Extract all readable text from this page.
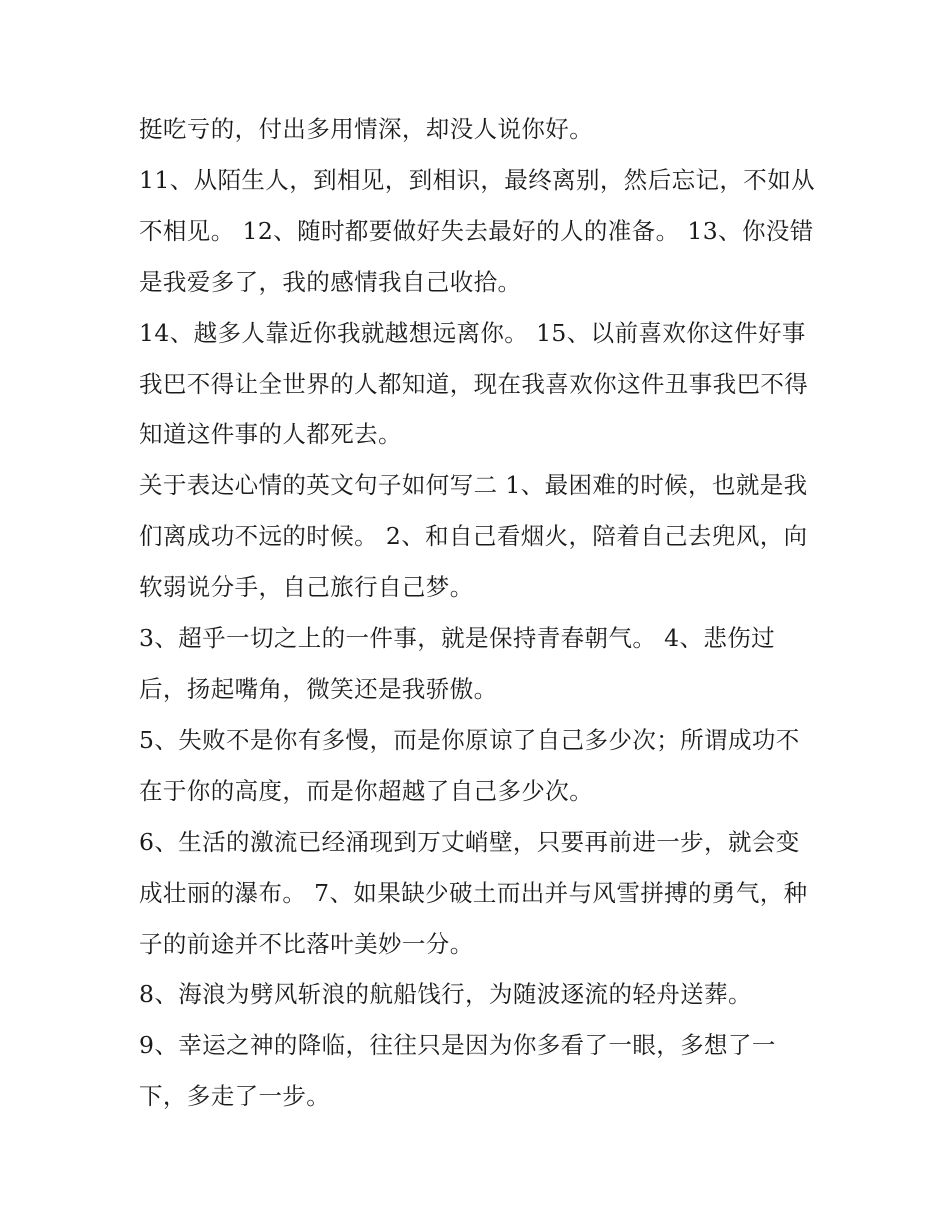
挺吃亏的，付出多用情深，却没人说你好。

11、从陌生人，到相见，到相识，最终离别，然后忘记，不如从不相见。 12、随时都要做好失去最好的人的准备。 13、你没错是我爱多了，我的感情我自己收拾。

14、越多人靠近你我就越想远离你。 15、以前喜欢你这件好事我巴不得让全世界的人都知道，现在我喜欢你这件丑事我巴不得知道这件事的人都死去。

关于表达心情的英文句子如何写二 1、最困难的时候，也就是我们离成功不远的时候。 2、和自己看烟火，陪着自己去兜风，向软弱说分手，自己旅行自己梦。

3、超乎一切之上的一件事，就是保持青春朝气。 4、悲伤过后，扬起嘴角，微笑还是我骄傲。

5、失败不是你有多慢，而是你原谅了自己多少次；所谓成功不在于你的高度，而是你超越了自己多少次。

6、生活的激流已经涌现到万丈峭壁，只要再前进一步，就会变成壮丽的瀑布。 7、如果缺少破土而出并与风雪拼搏的勇气，种子的前途并不比落叶美妙一分。

8、海浪为劈风斩浪的航船饯行，为随波逐流的轻舟送葬。

9、幸运之神的降临，往往只是因为你多看了一眼，多想了一下，多走了一步。
